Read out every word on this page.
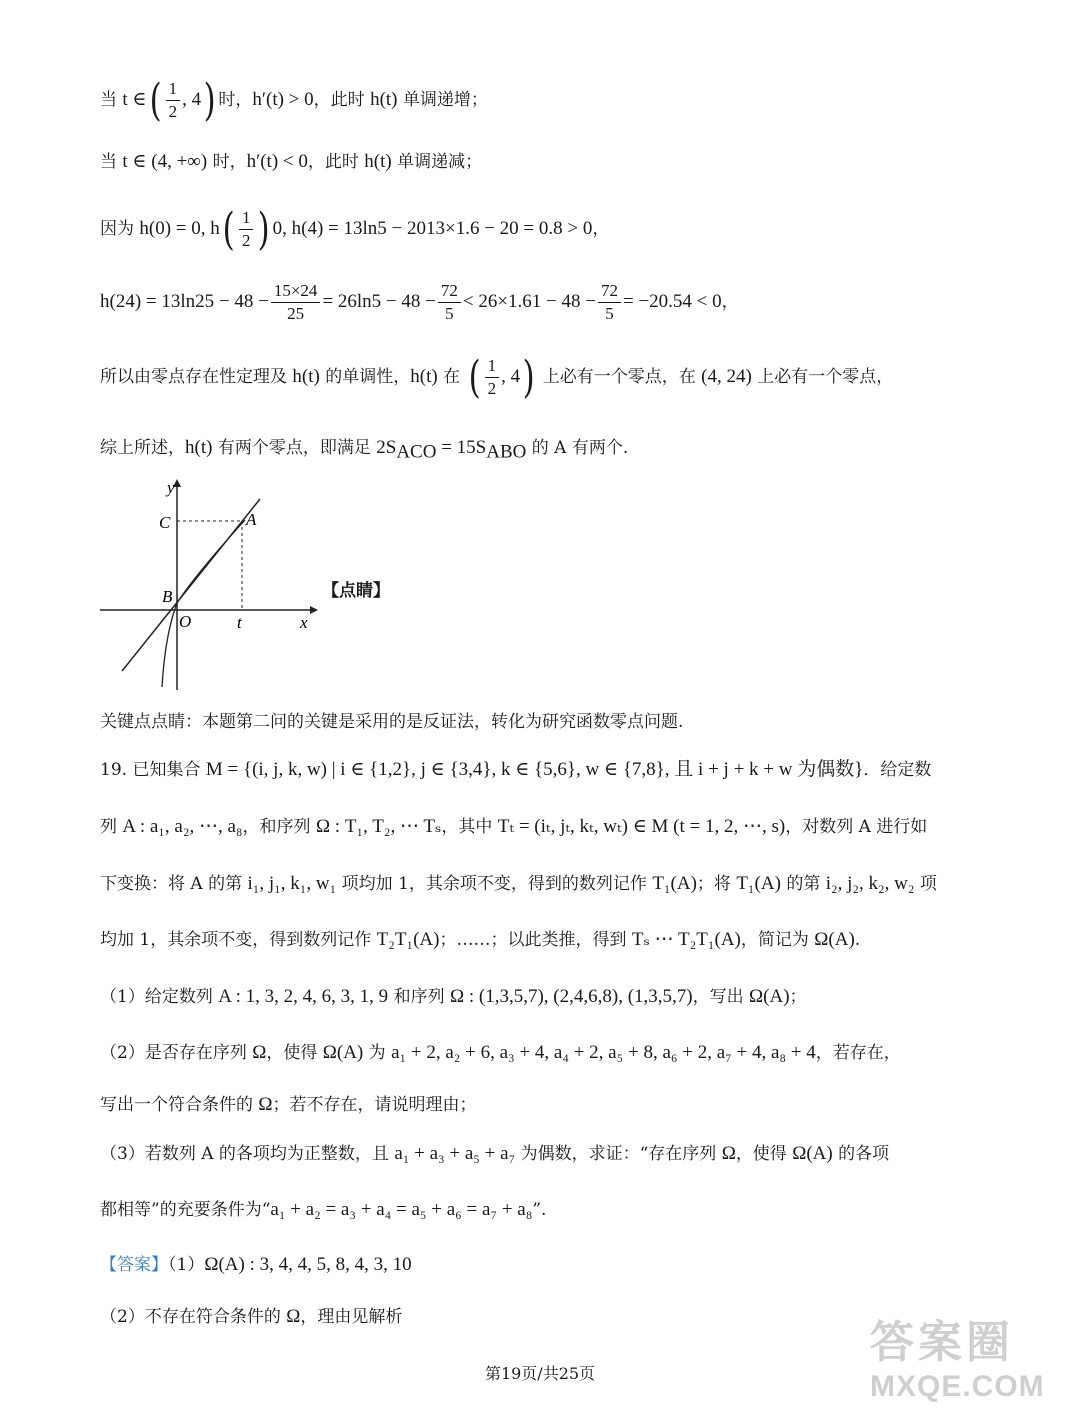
当 t ∈( $\frac{1}{2}$ , 4) 时，h′(t) > 0，此时 h(t) 单调递增；
当 t ∈ (4, +∞) 时，h′(t) < 0，此时 h(t) 单调递减；
因为 h(0) = 0, $h( \frac{1}{2}$ ) 0, h(4) = 13ln5 − 2013×1.6 − 20 = 0.8 > 0，
$h(24) = 13\ln 25 - 48 - \frac{15\times 24}{25} = 26\ln 5 - 48 - \frac{72}{5} < 26\times 1.61 - 48 - \frac{72}{5} = -20.54 < 0$，
所以由零点存在性定理及 h(t) 的单调性，h(t) 在 ( $\frac{1}{2}$ , 4) 上必有一个零点，在 (4, 24) 上必有一个零点，
综上所述，h(t) 有两个零点，即满足 $2S_{ACO} = 15S_{ABO}$ 的 A 有两个.
y
x
C	A
B
O	t
【点睛】
关键点点睛：本题第二问的关键是采用的是反证法，转化为研究函数零点问题.
19. 已知集合 M = {(i, j, k, w) | i ∈ {1,2}, j ∈ {3,4}, k ∈ {5,6}, w ∈ {7,8}, 且 i + j + k + w 为偶数}．给定数
列 A : a₁, a₂, ⋯, a₈，和序列 Ω : T₁, T₂, ⋯ Tₛ，其中 Tₜ = (iₜ, jₜ, kₜ, wₜ) ∈ M (t = 1, 2, ⋯, s)，对数列 A 进行如
下变换：将 A 的第 i₁, j₁, k₁, w₁ 项均加 1，其余项不变，得到的数列记作 T₁(A)；将 T₁(A) 的第 i₂, j₂, k₂, w₂ 项
均加 1，其余项不变，得到数列记作 T₂T₁(A)；……；以此类推，得到 Tₛ ⋯ T₂T₁(A)，简记为 Ω(A).
（1）给定数列 A : 1, 3, 2, 4, 6, 3, 1, 9 和序列 Ω : (1,3,5,7), (2,4,6,8), (1,3,5,7)，写出 Ω(A)；
（2）是否存在序列 Ω，使得 Ω(A) 为 a₁ + 2, a₂ + 6, a₃ + 4, a₄ + 2, a₅ + 8, a₆ + 2, a₇ + 4, a₈ + 4，若存在，
写出一个符合条件的 Ω；若不存在，请说明理由；
（3）若数列 A 的各项均为正整数，且 a₁ + a₃ + a₅ + a₇ 为偶数，求证：“存在序列 Ω，使得 Ω(A) 的各项
都相等”的充要条件为“a₁ + a₂ = a₃ + a₄ = a₅ + a₆ = a₇ + a₈”.
【答案】（1）Ω(A) : 3, 4, 4, 5, 8, 4, 3, 10
（2）不存在符合条件的 Ω，理由见解析
第19页/共25页
答案圈
MXQE.COM
